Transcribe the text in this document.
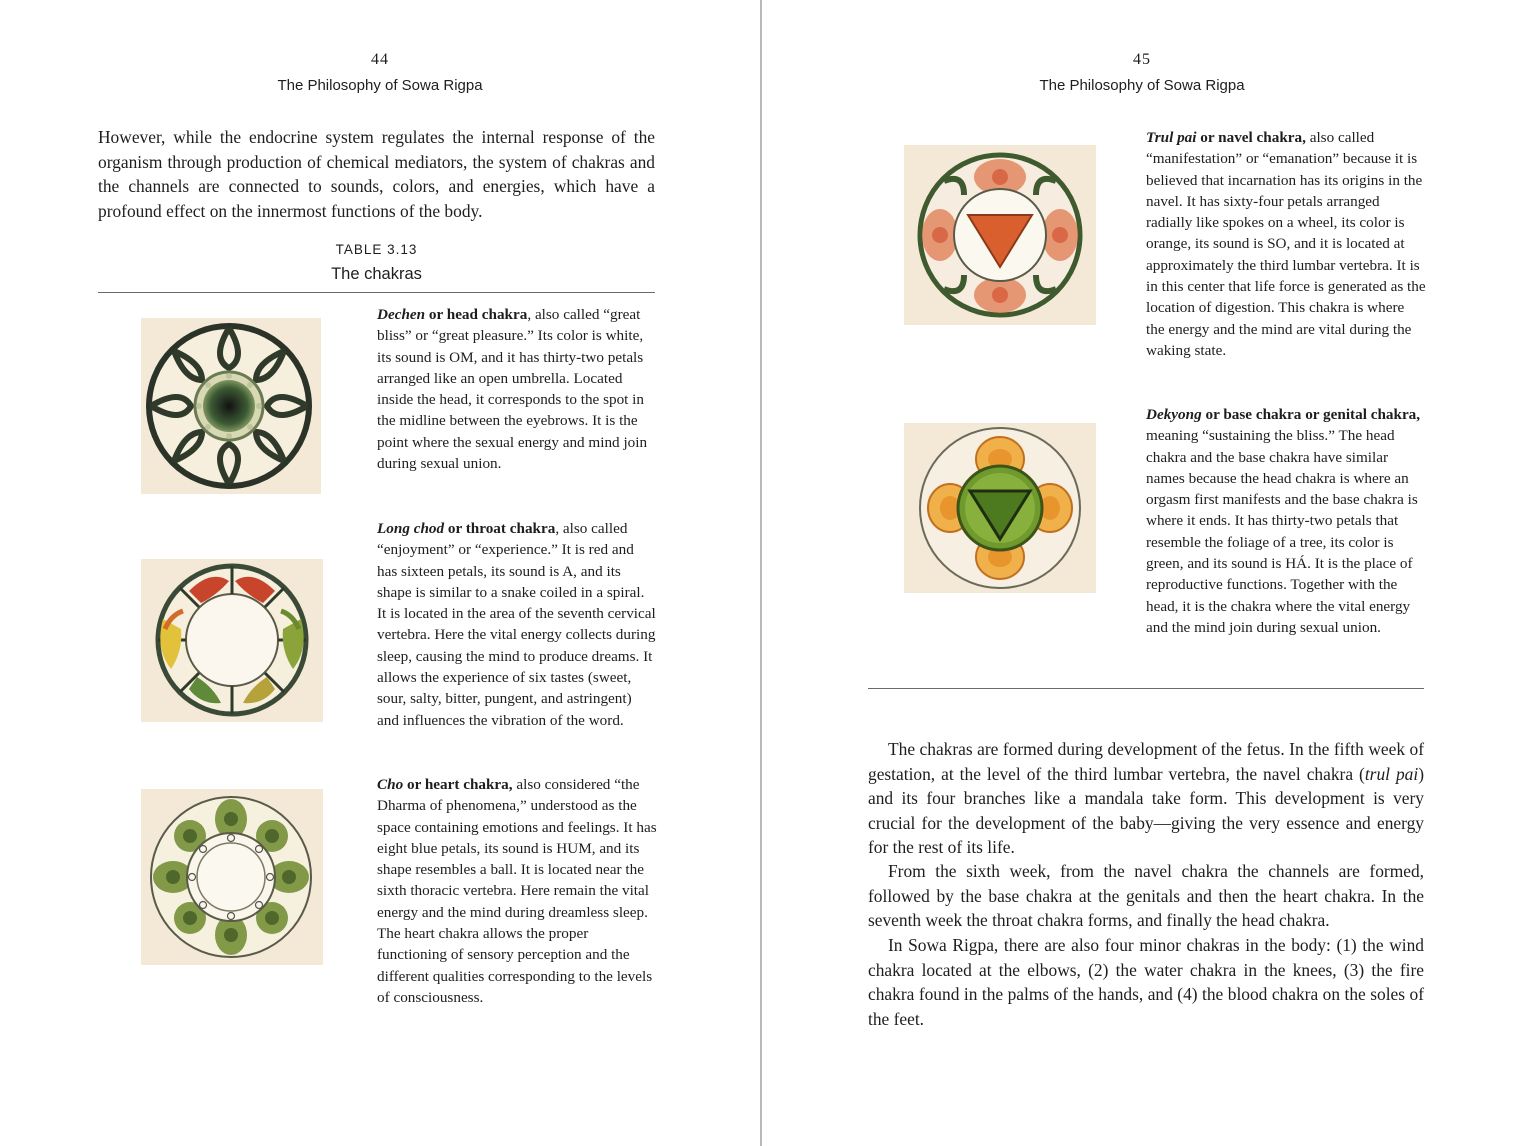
44
The Philosophy of Sowa Rigpa

However, while the endocrine system regulates the internal response of the organism through production of chemical mediators, the system of chakras and the channels are connected to sounds, colors, and energies, which have a profound effect on the innermost functions of the body.

TABLE 3.13
The chakras

Dechen or head chakra, also called “great bliss” or “great pleasure.” Its color is white, its sound is OM, and it has thirty-two petals arranged like an open umbrella. Located inside the head, it corresponds to the spot in the midline between the eyebrows. It is the point where the sexual energy and mind join during sexual union.

Long chod or throat chakra, also called “enjoyment” or “experience.” It is red and has sixteen petals, its sound is A, and its shape is similar to a snake coiled in a spiral. It is located in the area of the seventh cervical vertebra. Here the vital energy collects during sleep, causing the mind to produce dreams. It allows the experience of six tastes (sweet, sour, salty, bitter, pungent, and astringent) and influences the vibration of the word.

Cho or heart chakra, also considered “the Dharma of phenomena,” understood as the space containing emotions and feelings. It has eight blue petals, its sound is HUM, and its shape resembles a ball. It is located near the sixth thoracic vertebra. Here remain the vital energy and the mind during dreamless sleep. The heart chakra allows the proper functioning of sensory perception and the different qualities corresponding to the levels of consciousness.

45
The Philosophy of Sowa Rigpa

Trul pai or navel chakra, also called “manifestation” or “emanation” because it is believed that incarnation has its origins in the navel. It has sixty-four petals arranged radially like spokes on a wheel, its color is orange, its sound is SO, and it is located at approximately the third lumbar vertebra. It is in this center that life force is generated as the location of digestion. This chakra is where the energy and the mind are vital during the waking state.

Dekyong or base chakra or genital chakra, meaning “sustaining the bliss.” The head chakra and the base chakra have similar names because the head chakra is where an orgasm first manifests and the base chakra is where it ends. It has thirty-two petals that resemble the foliage of a tree, its color is green, and its sound is HÁ. It is the place of reproductive functions. Together with the head, it is the chakra where the vital energy and the mind join during sexual union.

The chakras are formed during development of the fetus. In the fifth week of gestation, at the level of the third lumbar vertebra, the navel chakra (trul pai) and its four branches like a mandala take form. This development is very crucial for the development of the baby—giving the very essence and energy for the rest of its life.

From the sixth week, from the navel chakra the channels are formed, followed by the base chakra at the genitals and then the heart chakra. In the seventh week the throat chakra forms, and finally the head chakra.

In Sowa Rigpa, there are also four minor chakras in the body: (1) the wind chakra located at the elbows, (2) the water chakra in the knees, (3) the fire chakra found in the palms of the hands, and (4) the blood chakra on the soles of the feet.
